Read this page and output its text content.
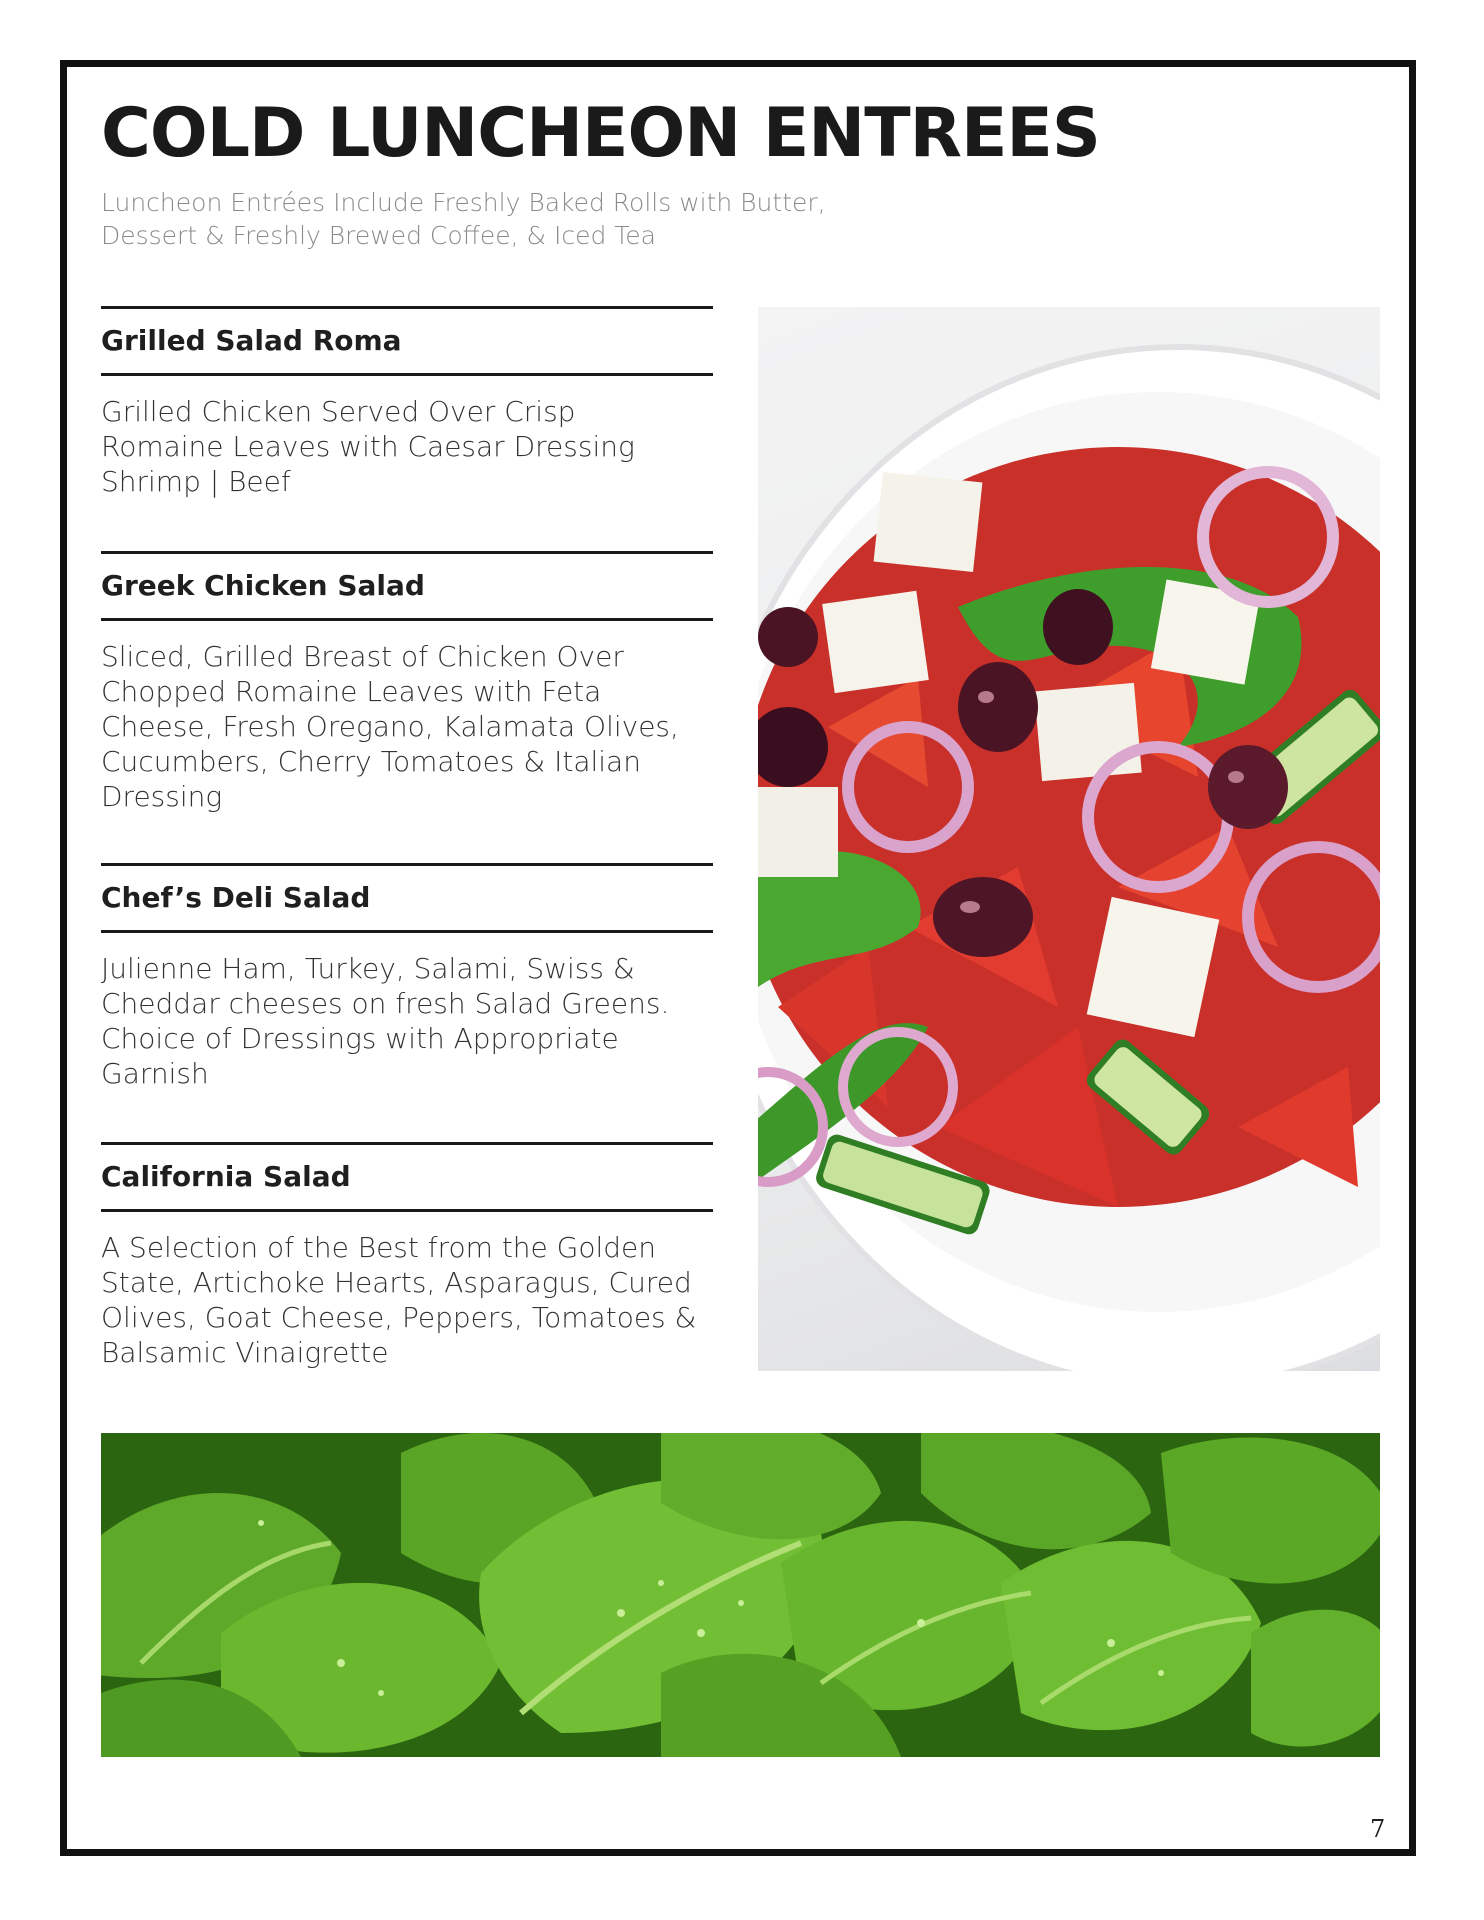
COLD LUNCHEON ENTREES

Luncheon Entrées Include Freshly Baked Rolls with Butter,
Dessert & Freshly Brewed Coffee, & Iced Tea

Grilled Salad Roma

Grilled Chicken Served Over Crisp
Romaine Leaves with Caesar Dressing
Shrimp | Beef

Greek Chicken Salad

Sliced, Grilled Breast of Chicken Over
Chopped Romaine Leaves with Feta
Cheese, Fresh Oregano, Kalamata Olives,
Cucumbers, Cherry Tomatoes & Italian
Dressing

Chef’s Deli Salad

Julienne Ham, Turkey, Salami, Swiss &
Cheddar cheeses on fresh Salad Greens.
Choice of Dressings with Appropriate
Garnish

California Salad

A Selection of the Best from the Golden
State, Artichoke Hearts, Asparagus, Cured
Olives, Goat Cheese, Peppers, Tomatoes &
Balsamic Vinaigrette

7
